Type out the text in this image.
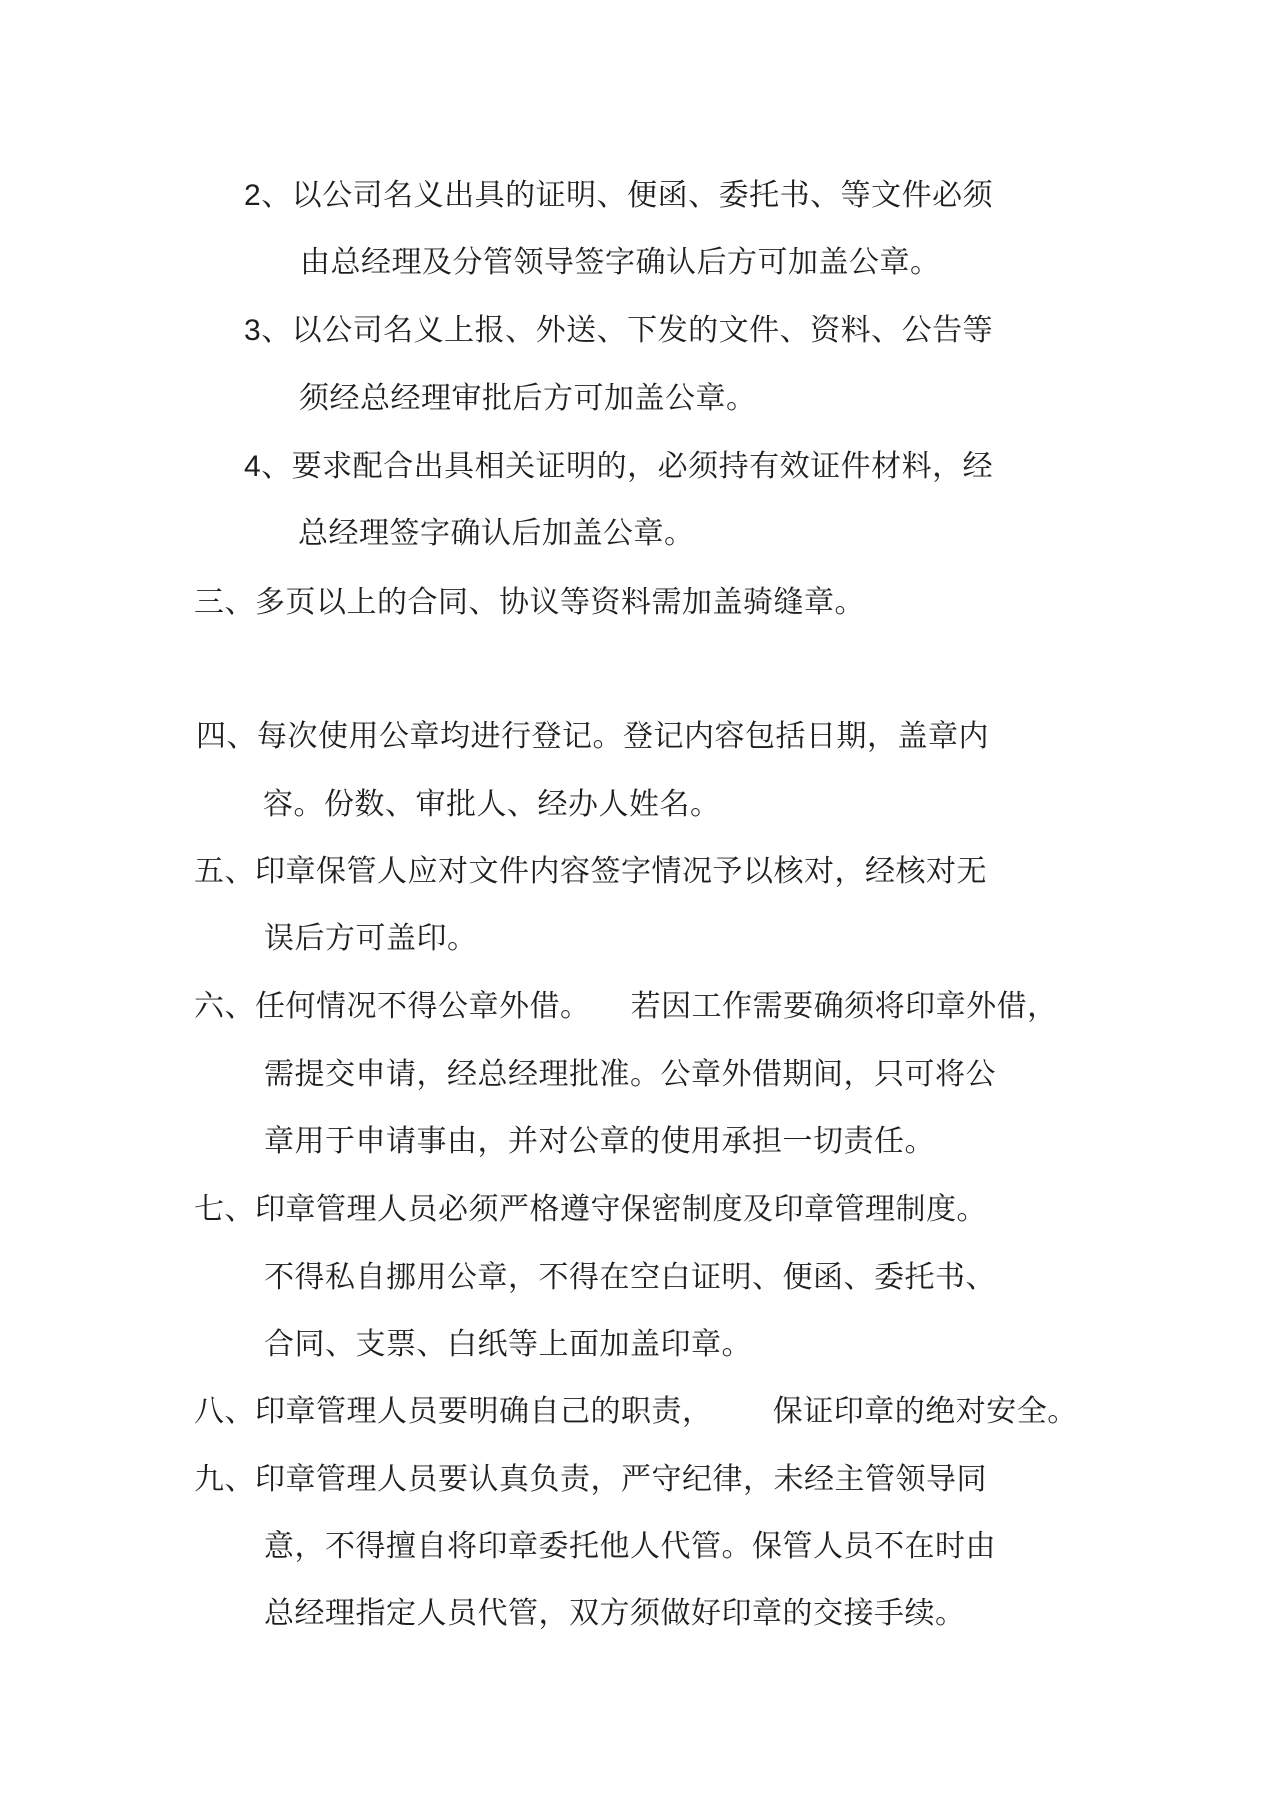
2、以公司名义出具的证明、便函、委托书、等文件必须

由总经理及分管领导签字确认后方可加盖公章。

3、以公司名义上报、外送、下发的文件、资料、公告等

须经总经理审批后方可加盖公章。

4、要求配合出具相关证明的，必须持有效证件材料，经

总经理签字确认后加盖公章。

三、多页以上的合同、协议等资料需加盖骑缝章。

四、每次使用公章均进行登记。登记内容包括日期，盖章内

容。份数、审批人、经办人姓名。

五、印章保管人应对文件内容签字情况予以核对，经核对无

误后方可盖印。

六、任何情况不得公章外借。    若因工作需要确须将印章外借，

需提交申请，经总经理批准。公章外借期间，只可将公

章用于申请事由，并对公章的使用承担一切责任。

七、印章管理人员必须严格遵守保密制度及印章管理制度。

不得私自挪用公章，不得在空白证明、便函、委托书、

合同、支票、白纸等上面加盖印章。

八、印章管理人员要明确自己的职责，      保证印章的绝对安全。

九、印章管理人员要认真负责，严守纪律，未经主管领导同

意，不得擅自将印章委托他人代管。保管人员不在时由

总经理指定人员代管，双方须做好印章的交接手续。
